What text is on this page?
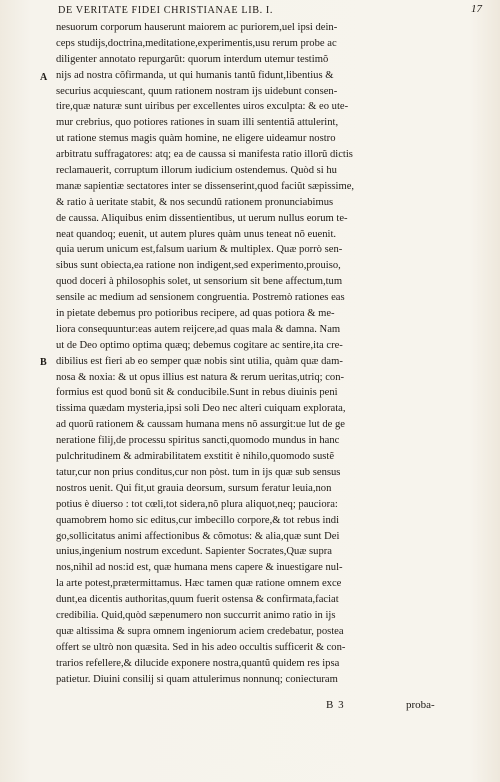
DE VERITATE FIDEI CHRISTIANAE LIB. I.	17
A
B
nesuorum corporum hauserunt maiorem ac puriorem,uel ipsi dein-
ceps studijs,doctrina,meditatione,experimentis,usu rerum probe ac
diligenter annotato repurgarũt: quorum interdum utemur testimõ
nijs ad nostra cõfirmanda, ut qui humanis tantũ fidunt,libentius &
securius acquiescant, quum rationem nostram ijs uidebunt consen-
tire,quæ naturæ sunt uiribus per excellentes uiros exculpta: & eo ute-
mur crebrius, quo potiores rationes in suam illi sententiã attulerint,
ut ratione stemus magis quàm homine, ne eligere uideamur nostro
arbitratu suffragatores: atq; ea de caussa si manifesta ratio illorũ dictis
reclamauerit, corruptum illorum iudicium ostendemus. Quòd si hu
manæ sapientiæ sectatores inter se dissenserint,quod faciũt sæpissime,
& ratio à ueritate stabit, & nos secundũ rationem pronunciabimus
de caussa. Aliquibus enim dissentientibus, ut uerum nullus eorum te-
neat quandoq; euenit, ut autem plures quàm unus teneat nõ euenit.
quia uerum unicum est,falsum uarium & multiplex. Quæ porrò sen-
sibus sunt obiecta,ea ratione non indigent,sed experimento,prouiso,
quod doceri à philosophis solet, ut sensorium sit bene affectum,tum
sensile ac medium ad sensionem congruentia. Postremò rationes eas
in pietate debemus pro potioribus recipere, ad quas potiora & me-
liora consequuntur:eas autem reijcere,ad quas mala & damna. Nam
ut de Deo optimo optima quæq; debemus cogitare ac sentire,ita cre-
dibilius est fieri ab eo semper quæ nobis sint utilia, quàm quæ dam-
nosa & noxia: & ut opus illius est natura & rerum ueritas,utriq; con-
formius est quod bonũ sit & conducibile.Sunt in rebus diuinis peni
tissima quædam mysteria,ipsi soli Deo nec alteri cuiquam explorata,
ad quorũ rationem & caussam humana mens nõ assurgit:ue lut de ge
neratione filij,de processu spiritus sancti,quomodo mundus in hanc
pulchritudinem & admirabilitatem exstitit è nihilo,quomodo sustẽ
tatur,cur non prius conditus,cur non pòst. tum in ijs quæ sub sensus
nostros uenit. Qui fit,ut grauia deorsum, sursum feratur leuia,non
potius è diuerso : tot cœli,tot sidera,nõ plura aliquot,neq; pauciora:
quamobrem homo sic editus,cur imbecillo corpore,& tot rebus indi
go,sollicitatus animi affectionibus & cõmotus: & alia,quæ sunt Dei
unius,ingenium nostrum excedunt. Sapienter Socrates,Quæ supra
nos,nihil ad nos:id est, quæ humana mens capere & inuestigare nul-
la arte potest,prætermittamus. Hæc tamen quæ ratione omnem exce
dunt,ea dicentis authoritas,quum fuerit ostensa & confirmata,faciat
credibilia. Quid,quòd sæpenumero non succurrit animo ratio in ijs
quæ altissima & supra omnem ingeniorum aciem credebatur, postea
offert se ultrò non quæsita. Sed in his adeo occultis sufficerit & con-
trarios refellere,& dilucide exponere nostra,quantũ quidem res ipsa
patietur. Diuini consilij si quam attulerimus nonnunq; coniecturam
B 3	proba-
